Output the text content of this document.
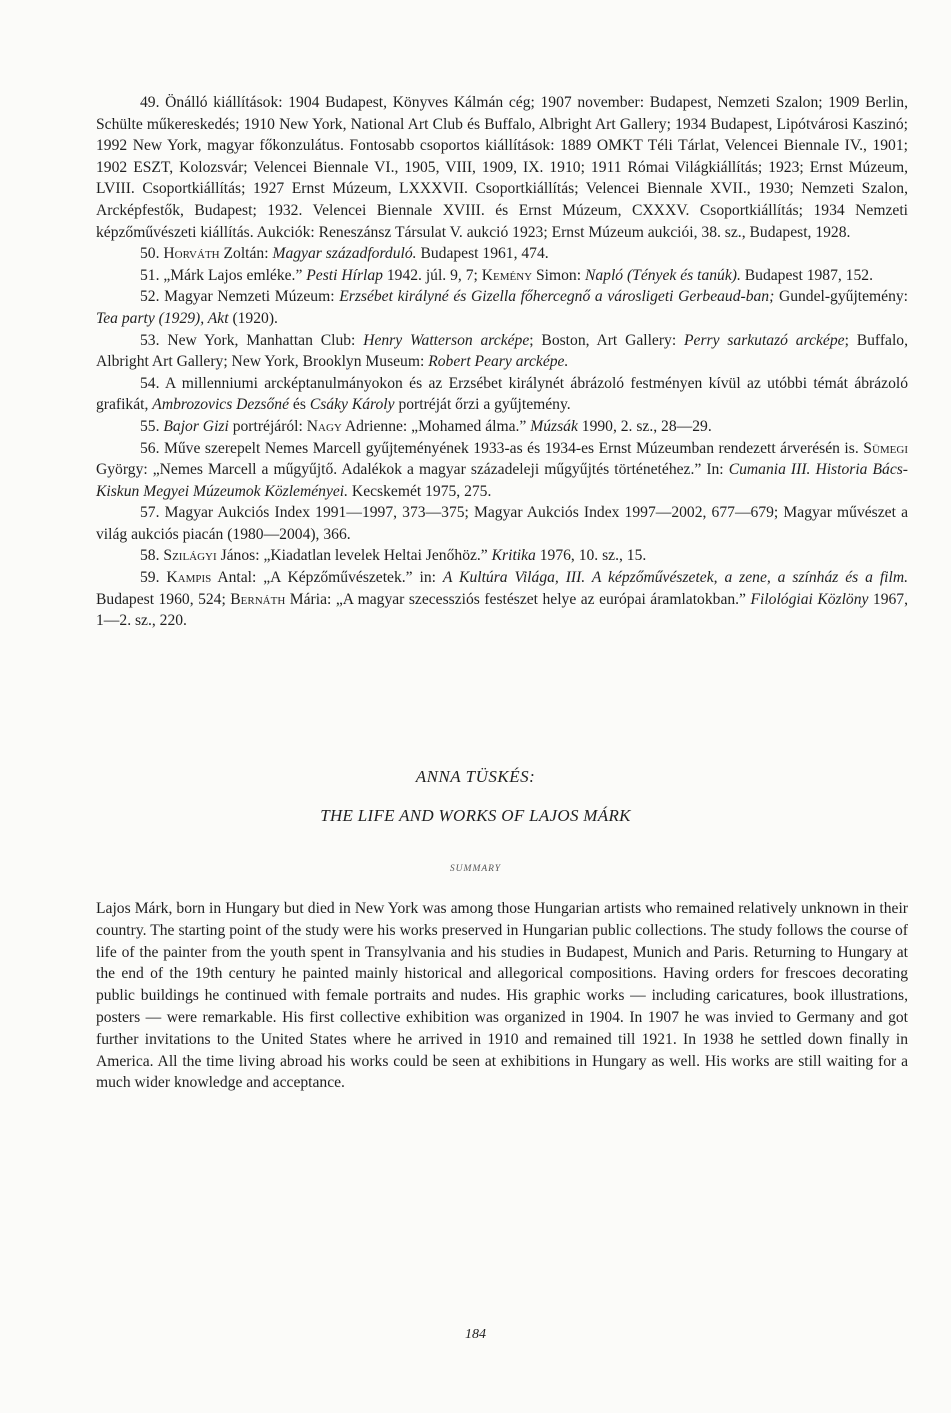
49. Önálló kiállítások: 1904 Budapest, Könyves Kálmán cég; 1907 november: Budapest, Nemzeti Szalon; 1909 Berlin, Schülte műkereskedés; 1910 New York, National Art Club és Buffalo, Albright Art Gallery; 1934 Budapest, Lipótvárosi Kaszinó; 1992 New York, magyar főkonzulátus. Fontosabb csoportos kiállítások: 1889 OMKT Téli Tárlat, Velencei Biennale IV., 1901; 1902 ESZT, Kolozsvár; Velencei Biennale VI., 1905, VIII, 1909, IX. 1910; 1911 Római Világkiállítás; 1923; Ernst Múzeum, LVIII. Csoportkiállítás; 1927 Ernst Múzeum, LXXXVII. Csoportkiállítás; Velencei Biennale XVII., 1930; Nemzeti Szalon, Arcképfestők, Budapest; 1932. Velencei Biennale XVIII. és Ernst Múzeum, CXXXV. Csoportkiállítás; 1934 Nemzeti képzőművészeti kiállítás. Aukciók: Reneszánsz Társulat V. aukció 1923; Ernst Múzeum aukciói, 38. sz., Budapest, 1928.

50. Horváth Zoltán: Magyar századforduló. Budapest 1961, 474.

51. „Márk Lajos emléke.” Pesti Hírlap 1942. júl. 9, 7; Kemény Simon: Napló (Tények és tanúk). Budapest 1987, 152.

52. Magyar Nemzeti Múzeum: Erzsébet királyné és Gizella főhercegnő a városligeti Gerbeaud-ban; Gundel-gyűjtemény: Tea party (1929), Akt (1920).

53. New York, Manhattan Club: Henry Watterson arcképe; Boston, Art Gallery: Perry sarkutazó arcképe; Buffalo, Albright Art Gallery; New York, Brooklyn Museum: Robert Peary arcképe.

54. A millenniumi arcképtanulmányokon és az Erzsébet királynét ábrázoló festményen kívül az utóbbi témát ábrázoló grafikát, Ambrozovics Dezsőné és Csáky Károly portréját őrzi a gyűjtemény.

55. Bajor Gizi portréjáról: Nagy Adrienne: „Mohamed álma.” Múzsák 1990, 2. sz., 28—29.

56. Műve szerepelt Nemes Marcell gyűjteményének 1933-as és 1934-es Ernst Múzeumban rendezett árverésén is. Sümegi György: „Nemes Marcell a műgyűjtő. Adalékok a magyar századeleji műgyűjtés történetéhez.” In: Cumania III. Historia Bács-Kiskun Megyei Múzeumok Közleményei. Kecskemét 1975, 275.

57. Magyar Aukciós Index 1991—1997, 373—375; Magyar Aukciós Index 1997—2002, 677—679; Magyar művészet a világ aukciós piacán (1980—2004), 366.

58. Szilágyi János: „Kiadatlan levelek Heltai Jenőhöz.” Kritika 1976, 10. sz., 15.

59. Kampis Antal: „A Képzőművészetek.” in: A Kultúra Világa, III. A képzőművészetek, a zene, a színház és a film. Budapest 1960, 524; Bernáth Mária: „A magyar szecessziós festészet helye az európai áramlatokban.” Filológiai Közlöny 1967, 1—2. sz., 220.

ANNA TÜSKÉS:
THE LIFE AND WORKS OF LAJOS MÁRK
SUMMARY

Lajos Márk, born in Hungary but died in New York was among those Hungarian artists who remained relatively unknown in their country. The starting point of the study were his works preserved in Hungarian public collections. The study follows the course of life of the painter from the youth spent in Transylvania and his studies in Budapest, Munich and Paris. Returning to Hungary at the end of the 19th century he painted mainly historical and allegorical compositions. Having orders for frescoes decorating public buildings he continued with female portraits and nudes. His graphic works — including caricatures, book illustrations, posters — were remarkable. His first collective exhibition was organized in 1904. In 1907 he was invied to Germany and got further invitations to the United States where he arrived in 1910 and remained till 1921. In 1938 he settled down finally in America. All the time living abroad his works could be seen at exhibitions in Hungary as well. His works are still waiting for a much wider knowledge and acceptance.

184
